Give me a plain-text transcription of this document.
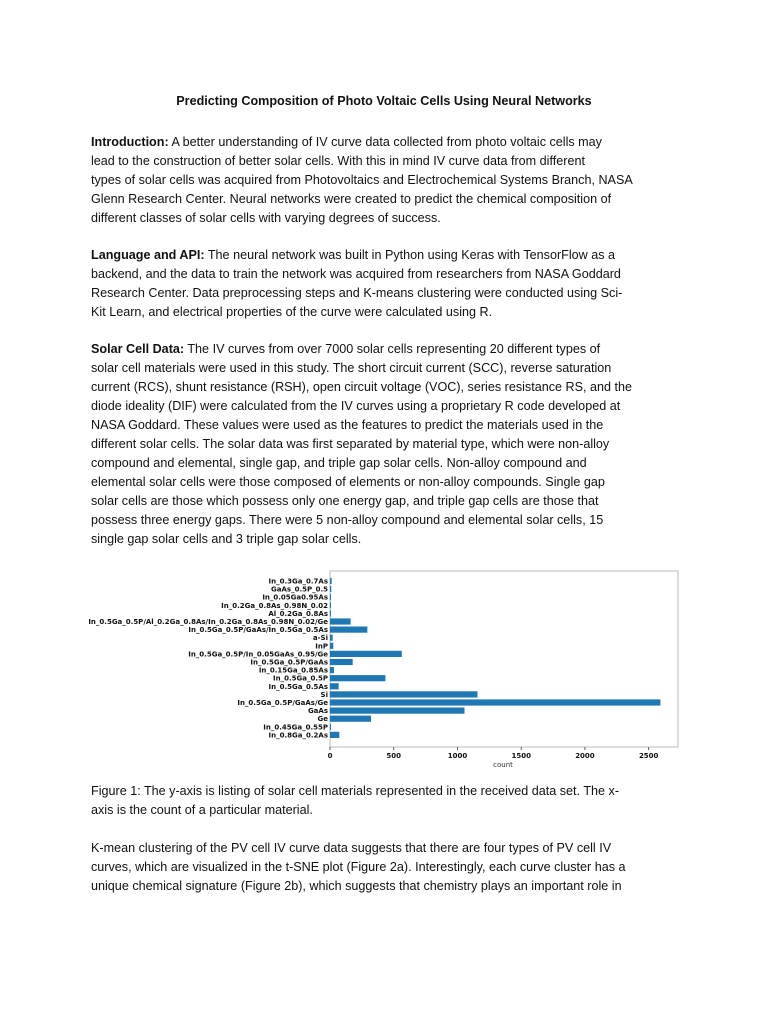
Predicting Composition of Photo Voltaic Cells Using Neural Networks
Introduction: A better understanding of IV curve data collected from photo voltaic cells may
lead to the construction of better solar cells. With this in mind IV curve data from different
types of solar cells was acquired from Photovoltaics and Electrochemical Systems Branch, NASA
Glenn Research Center. Neural networks were created to predict the chemical composition of
different classes of solar cells with varying degrees of success.
Language and API: The neural network was built in Python using Keras with TensorFlow as a
backend, and the data to train the network was acquired from researchers from NASA Goddard
Research Center. Data preprocessing steps and K-means clustering were conducted using Sci-
Kit Learn, and electrical properties of the curve were calculated using R.
Solar Cell Data: The IV curves from over 7000 solar cells representing 20 different types of
solar cell materials were used in this study. The short circuit current (SCC), reverse saturation
current (RCS), shunt resistance (RSH), open circuit voltage (VOC), series resistance RS, and the
diode ideality (DIF) were calculated from the IV curves using a proprietary R code developed at
NASA Goddard. These values were used as the features to predict the materials used in the
different solar cells. The solar data was first separated by material type, which were non-alloy
compound and elemental, single gap, and triple gap solar cells. Non-alloy compound and
elemental solar cells were those composed of elements or non-alloy compounds. Single gap
solar cells are those which possess only one energy gap, and triple gap cells are those that
possess three energy gaps. There were 5 non-alloy compound and elemental solar cells, 15
single gap solar cells and 3 triple gap solar cells.
In_0.3Ga_0.7As
GaAs_0.5P_0.5
In_0.05Ga0.95As
In_0.2Ga_0.8As_0.98N_0.02
Al_0.2Ga_0.8As
In_0.5Ga_0.5P/Al_0.2Ga_0.8As/In_0.2Ga_0.8As_0.98N_0.02/Ge
In_0.5Ga_0.5P/GaAs/In_0.5Ga_0.5As
a-Si
InP
In_0.5Ga_0.5P/In_0.05GaAs_0.95/Ge
In_0.5Ga_0.5P/GaAs
In_0.15Ga_0.85As
In_0.5Ga_0.5P
In_0.5Ga_0.5As
Si
In_0.5Ga_0.5P/GaAs/Ge
GaAs
Ge
In_0.45Ga_0.55P
In_0.8Ga_0.2As
0	500	1000	1500	2000	2500
count
Figure 1: The y-axis is listing of solar cell materials represented in the received data set. The x-
axis is the count of a particular material.
K-mean clustering of the PV cell IV curve data suggests that there are four types of PV cell IV
curves, which are visualized in the t-SNE plot (Figure 2a). Interestingly, each curve cluster has a
unique chemical signature (Figure 2b), which suggests that chemistry plays an important role in
